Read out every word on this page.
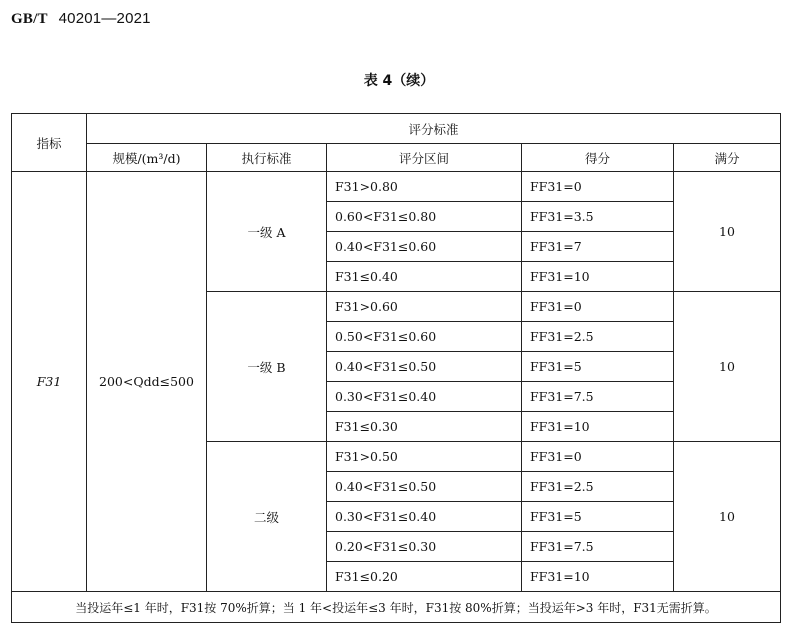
GB/T 40201—2021
表 4（续）
指标	评分标准				
	规模/(m³/d)	执行标准	评分区间	得分	满分
F31	200<Qdd≤500	一级 A	F31>0.80	FF31=0	10
			0.60<F31≤0.80	FF31=3.5	
			0.40<F31≤0.60	FF31=7	
			F31≤0.40	FF31=10	
		一级 B	F31>0.60	FF31=0	10
			0.50<F31≤0.60	FF31=2.5	
			0.40<F31≤0.50	FF31=5	
			0.30<F31≤0.40	FF31=7.5	
			F31≤0.30	FF31=10	
		二级	F31>0.50	FF31=0	10
			0.40<F31≤0.50	FF31=2.5	
			0.30<F31≤0.40	FF31=5	
			0.20<F31≤0.30	FF31=7.5	
			F31≤0.20	FF31=10	
当投运年≤1 年时，F31按 70%折算；当 1 年<投运年≤3 年时，F31按 80%折算；当投运年>3 年时，F31无需折算。					
